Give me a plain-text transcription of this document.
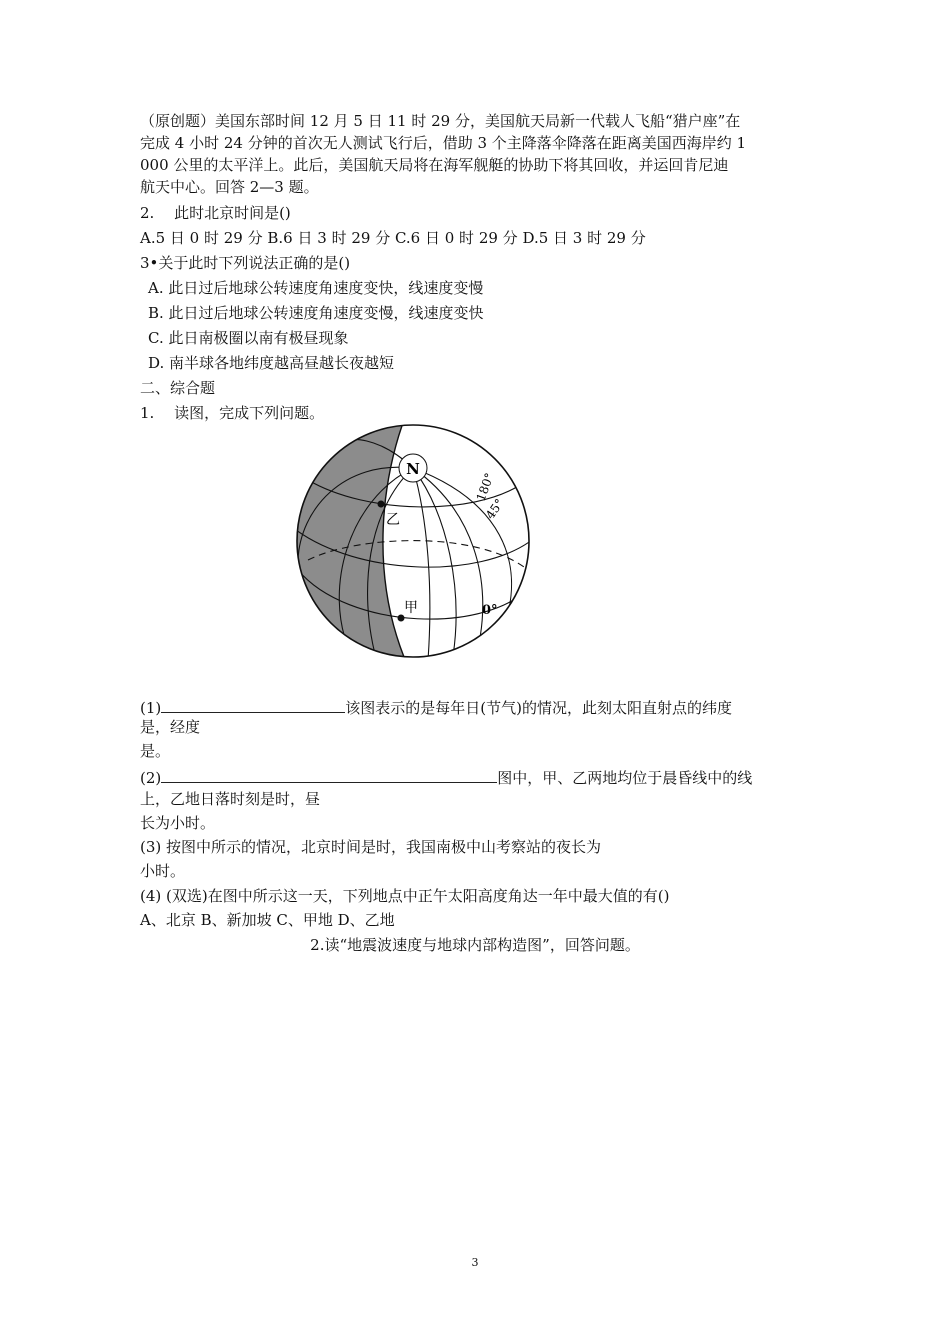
（原创题）美国东部时间 12 月 5 日 11 时 29 分，美国航天局新一代载人飞船“猎户座”在
完成 4 小时 24 分钟的首次无人测试飞行后，借助 3 个主降落伞降落在距离美国西海岸约 1
000 公里的太平洋上。此后，美国航天局将在海军舰艇的协助下将其回收，并运回肯尼迪
航天中心。回答 2—3 题。
2.　 此时北京时间是()
A.5 日 0 时 29 分 B.6 日 3 时 29 分 C.6 日 0 时 29 分 D.5 日 3 时 29 分
3•关于此时下列说法正确的是()
A. 此日过后地球公转速度角速度变快，线速度变慢
B. 此日过后地球公转速度角速度变慢，线速度变快
C. 此日南极圈以南有极昼现象
D. 南半球各地纬度越高昼越长夜越短
二、综合题
1.　 读图，完成下列问题。
N
180°
45°
0°
乙
甲
(1)	该图表示的是每年日(节气)的情况，此刻太阳直射点的纬度
是，经度
是。
(2)	图中，甲、乙两地均位于晨昏线中的线
上，乙地日落时刻是时，昼
长为小时。
(3) 按图中所示的情况，北京时间是时，我国南极中山考察站的夜长为
小时。
(4) (双选)在图中所示这一天，下列地点中正午太阳高度角达一年中最大值的有()
A、北京 B、新加坡 C、甲地 D、乙地
2.读“地震波速度与地球内部构造图”，回答问题。
3
